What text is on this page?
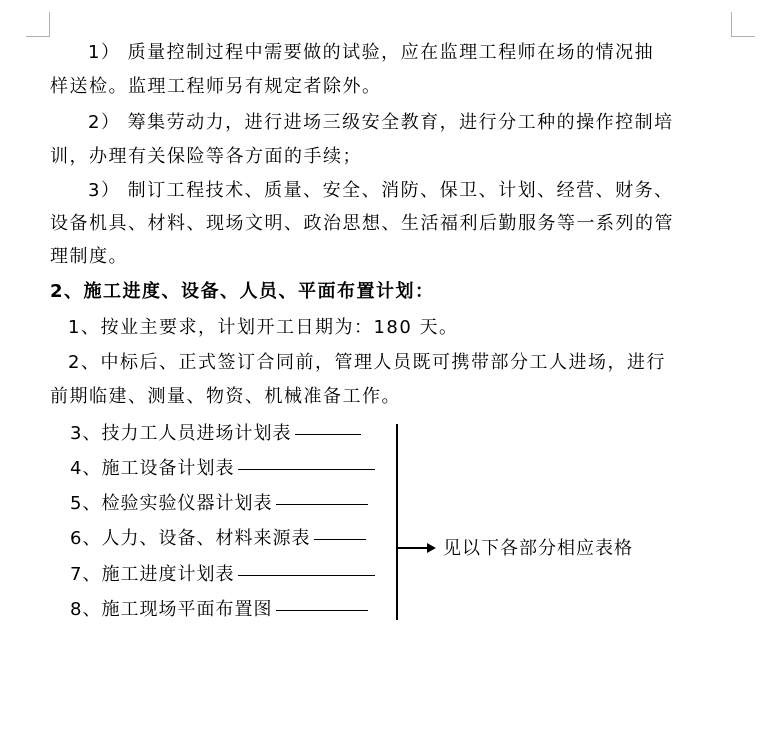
1） 质量控制过程中需要做的试验，应在监理工程师在场的情况抽
样送检。监理工程师另有规定者除外。
2） 筹集劳动力，进行进场三级安全教育，进行分工种的操作控制培
训，办理有关保险等各方面的手续；
3） 制订工程技术、质量、安全、消防、保卫、计划、经营、财务、
设备机具、材料、现场文明、政治思想、生活福利后勤服务等一系列的管
理制度。
2、施工进度、设备、人员、平面布置计划：
1、按业主要求，计划开工日期为：180 天。
2、中标后、正式签订合同前，管理人员既可携带部分工人进场，进行
前期临建、测量、物资、机械准备工作。
3、技力工人员进场计划表
4、施工设备计划表
5、检验实验仪器计划表
6、人力、设备、材料来源表
7、施工进度计划表
8、施工现场平面布置图
见以下各部分相应表格
